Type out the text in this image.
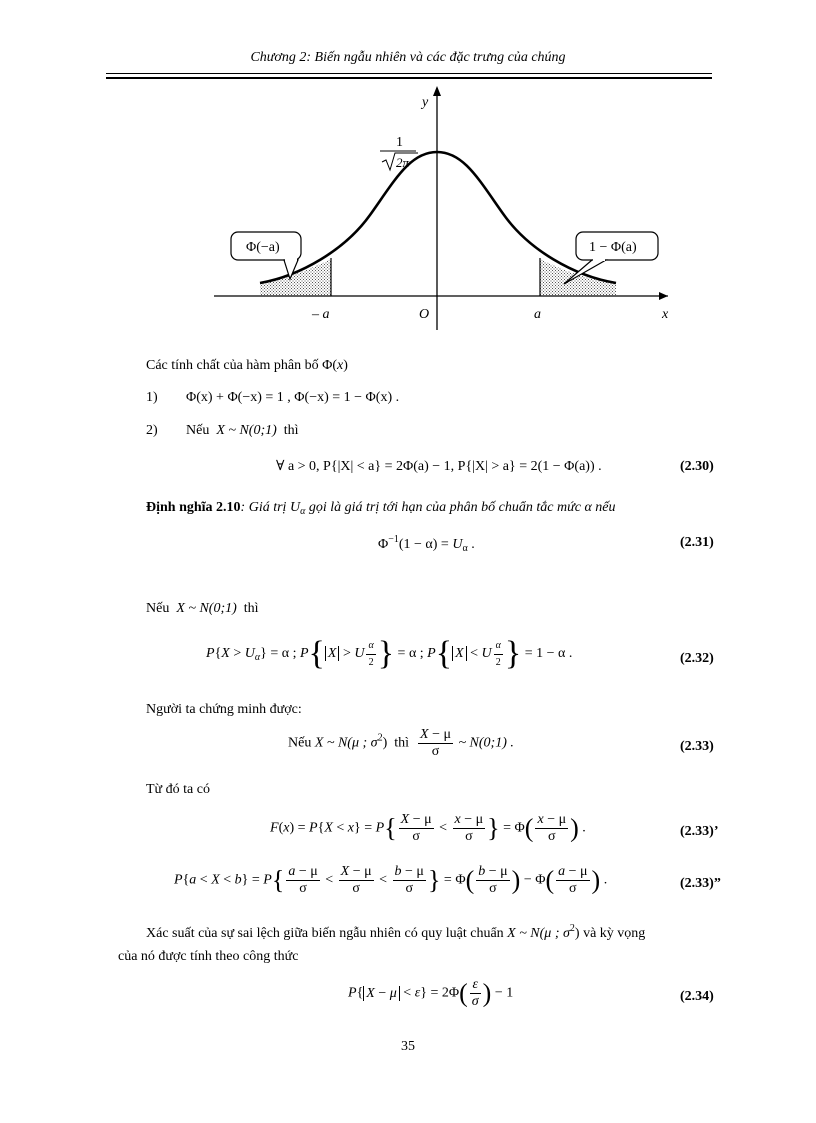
Chương 2: Biến ngẫu nhiên và các đặc trưng của chúng
y
x
O
– a	a
1
2π
Φ(−a)	1 − Φ(a)
Các tính chất của hàm phân bố Φ(x)
1) Φ(x) + Φ(−x) = 1 , Φ(−x) = 1 − Φ(x) .
2) Nếu X ~ N(0;1) thì
∀ a > 0, P{|X| < a} = 2Φ(a) − 1, P{|X| > a} = 2(1 − Φ(a)) .	(2.30)
Định nghĩa 2.10: Giá trị $U_\alpha$ gọi là giá trị tới hạn của phân bố chuẩn tắc mức α nếu
$\Phi^{-1}(1 - \alpha) = U_\alpha$ .	(2.31)
Nếu X ~ N(0;1) thì
$P\{X > U_\alpha\} = \alpha$ ; P{ X > U $\frac{\alpha}{2}$ } = α ; P{ X < U $\frac{\alpha}{2}$ } = 1 − α .	(2.32)
Người ta chứng minh được:
Nếu X ~ N(μ ; $\sigma^2$)  thì $\frac{X - \mu}{\sigma}$ ~ N(0;1) .	(2.33)
Từ đó ta có
$F(x) = P\{X < x\} = P\{ \frac{X - \mu}{\sigma} < \frac{x - \mu}{\sigma}$ } = $\Phi( \frac{x - \mu}{\sigma}$ ) .	(2.33)’
$P\{a < X < b\} = P\{ \frac{a - \mu}{\sigma} < \frac{X - \mu}{\sigma} < \frac{b - \mu}{\sigma}$ } = $\Phi( \frac{b - \mu}{\sigma}$ ) − $\Phi( \frac{a - \mu}{\sigma}$ ) .	(2.33)”
Xác suất của sự sai lệch giữa biến ngẫu nhiên có quy luật chuẩn X ~ N(μ ; $\sigma^2$) và kỳ vọng
của nó được tính theo công thức
P{ $X - \mu < \varepsilon\} = 2\Phi( \frac{\varepsilon}{\sigma}$ ) − 1	(2.34)
35
